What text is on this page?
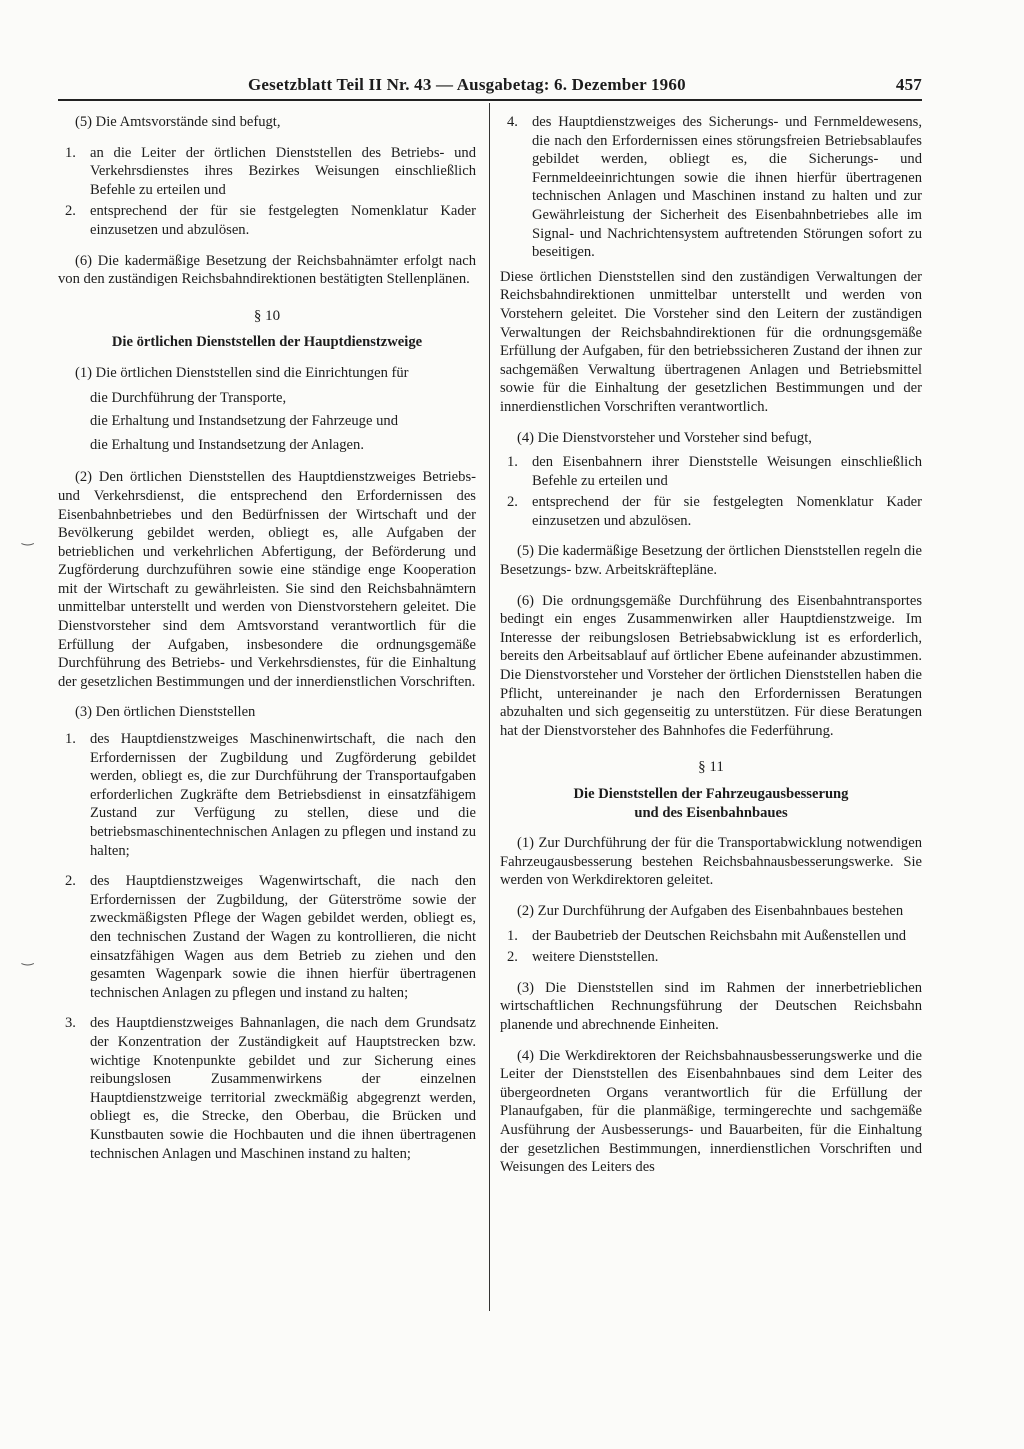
Gesetzblatt Teil II Nr. 43 — Ausgabetag: 6. Dezember 1960	457

(5) Die Amtsvorstände sind befugt,

1. an die Leiter der örtlichen Dienststellen des Betriebs- und Verkehrsdienstes ihres Bezirkes Weisungen einschließlich Befehle zu erteilen und
2. entsprechend der für sie festgelegten Nomenklatur Kader einzusetzen und abzulösen.

(6) Die kadermäßige Besetzung der Reichsbahnämter erfolgt nach von den zuständigen Reichsbahndirektionen bestätigten Stellenplänen.

§ 10
Die örtlichen Dienststellen der Hauptdienstzweige

(1) Die örtlichen Dienststellen sind die Einrichtungen für

die Durchführung der Transporte,
die Erhaltung und Instandsetzung der Fahrzeuge und
die Erhaltung und Instandsetzung der Anlagen.

(2) Den örtlichen Dienststellen des Hauptdienstzweiges Betriebs- und Verkehrsdienst, die entsprechend den Erfordernissen des Eisenbahnbetriebes und den Bedürfnissen der Wirtschaft und der Bevölkerung gebildet werden, obliegt es, alle Aufgaben der betrieblichen und verkehrlichen Abfertigung, der Beförderung und Zugförderung durchzuführen sowie eine ständige enge Kooperation mit der Wirtschaft zu gewährleisten. Sie sind den Reichsbahnämtern unmittelbar unterstellt und werden von Dienstvorstehern geleitet. Die Dienstvorsteher sind dem Amtsvorstand verantwortlich für die Erfüllung der Aufgaben, insbesondere die ordnungsgemäße Durchführung des Betriebs- und Verkehrsdienstes, für die Einhaltung der gesetzlichen Bestimmungen und der innerdienstlichen Vorschriften.

(3) Den örtlichen Dienststellen

1. des Hauptdienstzweiges Maschinenwirtschaft, die nach den Erfordernissen der Zugbildung und Zugförderung gebildet werden, obliegt es, die zur Durchführung der Transportaufgaben erforderlichen Zugkräfte dem Betriebsdienst in einsatzfähigem Zustand zur Verfügung zu stellen, diese und die betriebsmaschinentechnischen Anlagen zu pflegen und instand zu halten;
2. des Hauptdienstzweiges Wagenwirtschaft, die nach den Erfordernissen der Zugbildung, der Güterströme sowie der zweckmäßigsten Pflege der Wagen gebildet werden, obliegt es, den technischen Zustand der Wagen zu kontrollieren, die nicht einsatzfähigen Wagen aus dem Betrieb zu ziehen und den gesamten Wagenpark sowie die ihnen hierfür übertragenen technischen Anlagen zu pflegen und instand zu halten;
3. des Hauptdienstzweiges Bahnanlagen, die nach dem Grundsatz der Konzentration der Zuständigkeit auf Hauptstrecken bzw. wichtige Knotenpunkte gebildet und zur Sicherung eines reibungslosen Zusammenwirkens der einzelnen Hauptdienstzweige territorial zweckmäßig abgegrenzt werden, obliegt es, die Strecke, den Oberbau, die Brücken und Kunstbauten sowie die Hochbauten und die ihnen übertragenen technischen Anlagen und Maschinen instand zu halten;
4. des Hauptdienstzweiges des Sicherungs- und Fernmeldewesens, die nach den Erfordernissen eines störungsfreien Betriebsablaufes gebildet werden, obliegt es, die Sicherungs- und Fernmeldeeinrichtungen sowie die ihnen hierfür übertragenen technischen Anlagen und Maschinen instand zu halten und zur Gewährleistung der Sicherheit des Eisenbahnbetriebes alle im Signal- und Nachrichtensystem auftretenden Störungen sofort zu beseitigen.

Diese örtlichen Dienststellen sind den zuständigen Verwaltungen der Reichsbahndirektionen unmittelbar unterstellt und werden von Vorstehern geleitet. Die Vorsteher sind den Leitern der zuständigen Verwaltungen der Reichsbahndirektionen für die ordnungsgemäße Erfüllung der Aufgaben, für den betriebssicheren Zustand der ihnen zur sachgemäßen Verwaltung übertragenen Anlagen und Betriebsmittel sowie für die Einhaltung der gesetzlichen Bestimmungen und der innerdienstlichen Vorschriften verantwortlich.

(4) Die Dienstvorsteher und Vorsteher sind befugt,

1. den Eisenbahnern ihrer Dienststelle Weisungen einschließlich Befehle zu erteilen und
2. entsprechend der für sie festgelegten Nomenklatur Kader einzusetzen und abzulösen.

(5) Die kadermäßige Besetzung der örtlichen Dienststellen regeln die Besetzungs- bzw. Arbeitskräftepläne.

(6) Die ordnungsgemäße Durchführung des Eisenbahntransportes bedingt ein enges Zusammenwirken aller Hauptdienstzweige. Im Interesse der reibungslosen Betriebsabwicklung ist es erforderlich, bereits den Arbeitsablauf auf örtlicher Ebene aufeinander abzustimmen. Die Dienstvorsteher und Vorsteher der örtlichen Dienststellen haben die Pflicht, untereinander je nach den Erfordernissen Beratungen abzuhalten und sich gegenseitig zu unterstützen. Für diese Beratungen hat der Dienstvorsteher des Bahnhofes die Federführung.

§ 11
Die Dienststellen der Fahrzeugausbesserung
und des Eisenbahnbaues

(1) Zur Durchführung der für die Transportabwicklung notwendigen Fahrzeugausbesserung bestehen Reichsbahnausbesserungswerke. Sie werden von Werkdirektoren geleitet.

(2) Zur Durchführung der Aufgaben des Eisenbahnbaues bestehen

1. der Baubetrieb der Deutschen Reichsbahn mit Außenstellen und
2. weitere Dienststellen.

(3) Die Dienststellen sind im Rahmen der innerbetrieblichen wirtschaftlichen Rechnungsführung der Deutschen Reichsbahn planende und abrechnende Einheiten.

(4) Die Werkdirektoren der Reichsbahnausbesserungswerke und die Leiter der Dienststellen des Eisenbahnbaues sind dem Leiter des übergeordneten Organs verantwortlich für die Erfüllung der Planaufgaben, für die planmäßige, termingerechte und sachgemäße Ausführung der Ausbesserungs- und Bauarbeiten, für die Einhaltung der gesetzlichen Bestimmungen, innerdienstlichen Vorschriften und Weisungen des Leiters des

‿
‿
